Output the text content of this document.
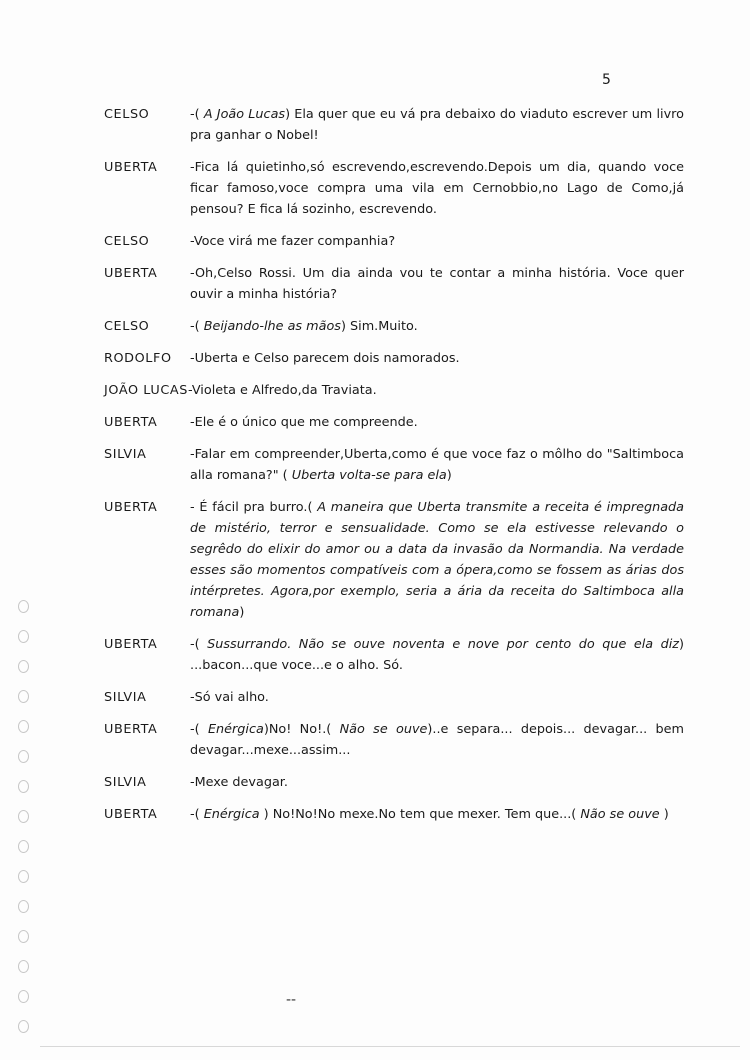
5
CELSO	-( A João Lucas) Ela quer que eu vá pra debaixo do viaduto escrever um livro pra ganhar o Nobel!
UBERTA	-Fica lá quietinho,só escrevendo,escrevendo.Depois um dia, quando voce ficar famoso,voce compra uma vila em Cernobbio,no Lago de Como,já pensou? E fica lá sozinho, escrevendo.
CELSO	-Voce virá me fazer companhia?
UBERTA	-Oh,Celso Rossi. Um dia ainda vou te contar a minha história. Voce quer ouvir a minha história?
CELSO	-( Beijando-lhe as mãos) Sim.Muito.
RODOLFO	-Uberta e Celso parecem dois namorados.
JOÃO LUCAS -Violeta e Alfredo,da Traviata.
UBERTA	-Ele é o único que me compreende.
SILVIA	-Falar em compreender,Uberta,como é que voce faz o môlho do "Saltimboca alla romana?" ( Uberta volta-se para ela)
UBERTA	- É fácil pra burro.( A maneira que Uberta transmite a receita é impregnada de mistério, terror e sensualidade. Como se ela estivesse relevando o segrêdo do elixir do amor ou a data da invasão da Normandia. Na verdade esses são momentos compatíveis com a ópera,como se fossem as árias dos intérpretes. Agora,por exemplo, seria a ária da receita do Saltimboca alla romana)
UBERTA	-( Sussurrando. Não se ouve noventa e nove por cento do que ela diz) ...bacon...que voce...e o alho. Só.
SILVIA	-Só vai alho.
UBERTA	-( Enérgica)No! No!.( Não se ouve)..e separa... depois... devagar... bem devagar...mexe...assim...
SILVIA	-Mexe devagar.
UBERTA	-( Enérgica ) No!No!No mexe.No tem que mexer. Tem que...( Não se ouve )
--
